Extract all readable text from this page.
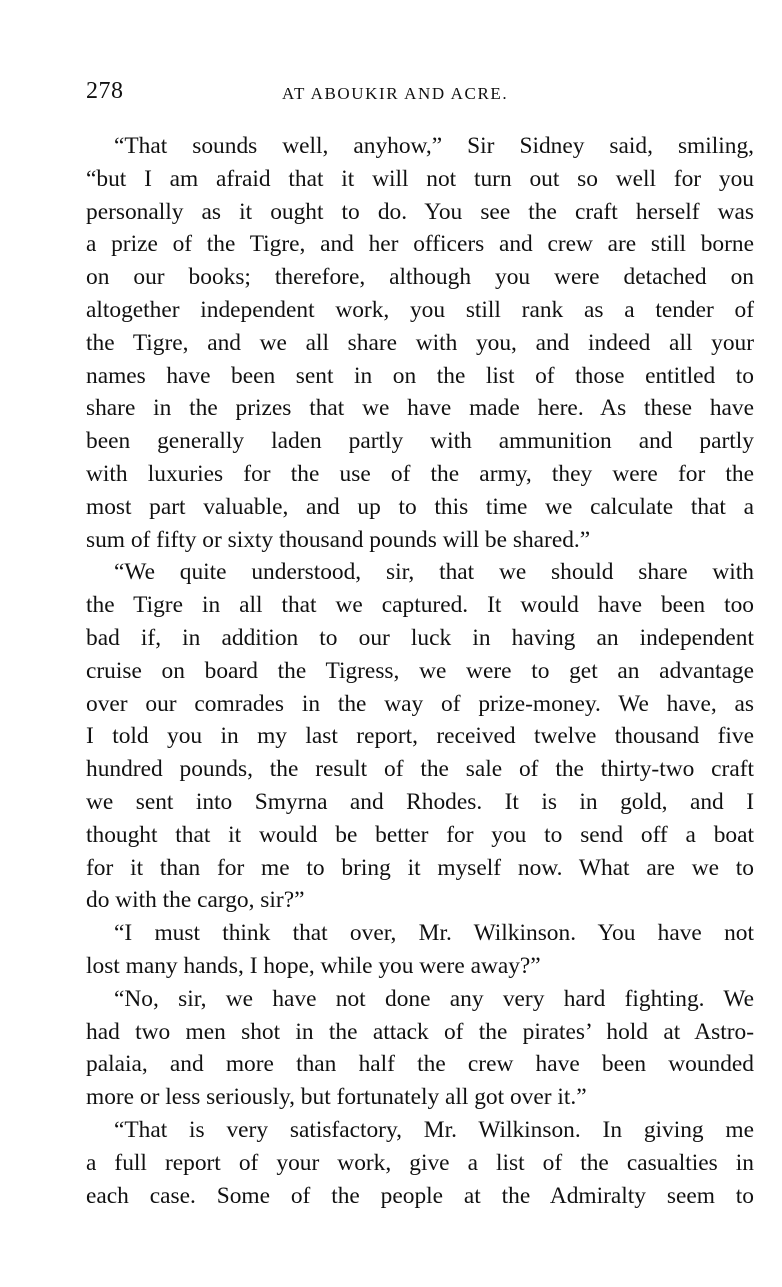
278	AT ABOUKIR AND ACRE.
“That sounds well, anyhow,” Sir Sidney said, smiling,
“but I am afraid that it will not turn out so well for you
personally as it ought to do. You see the craft herself was
a prize of the Tigre, and her officers and crew are still borne
on our books; therefore, although you were detached on
altogether independent work, you still rank as a tender of
the Tigre, and we all share with you, and indeed all your
names have been sent in on the list of those entitled to
share in the prizes that we have made here. As these have
been generally laden partly with ammunition and partly
with luxuries for the use of the army, they were for the
most part valuable, and up to this time we calculate that a
sum of fifty or sixty thousand pounds will be shared.”
“We quite understood, sir, that we should share with
the Tigre in all that we captured. It would have been too
bad if, in addition to our luck in having an independent
cruise on board the Tigress, we were to get an advantage
over our comrades in the way of prize-money. We have, as
I told you in my last report, received twelve thousand five
hundred pounds, the result of the sale of the thirty-two craft
we sent into Smyrna and Rhodes. It is in gold, and I
thought that it would be better for you to send off a boat
for it than for me to bring it myself now. What are we to
do with the cargo, sir?”
“I must think that over, Mr. Wilkinson. You have not
lost many hands, I hope, while you were away?”
“No, sir, we have not done any very hard fighting. We
had two men shot in the attack of the pirates’ hold at Astro-
palaia, and more than half the crew have been wounded
more or less seriously, but fortunately all got over it.”
“That is very satisfactory, Mr. Wilkinson. In giving me
a full report of your work, give a list of the casualties in
each case. Some of the people at the Admiralty seem to
